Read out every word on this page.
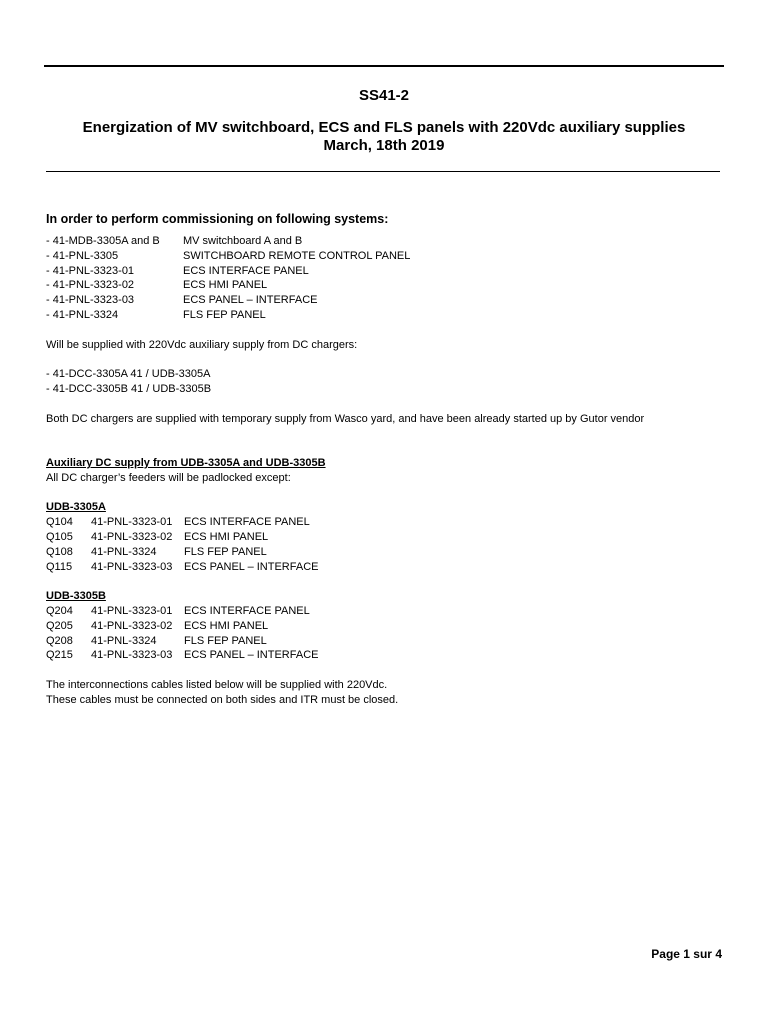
SS41-2
Energization of MV switchboard, ECS and FLS panels with 220Vdc auxiliary supplies
March, 18th 2019
In order to perform commissioning on following systems:
- 41-MDB-3305A and B	MV switchboard A and B
- 41-PNL-3305	SWITCHBOARD REMOTE CONTROL PANEL
- 41-PNL-3323-01	ECS INTERFACE PANEL
- 41-PNL-3323-02	ECS HMI PANEL
- 41-PNL-3323-03	ECS PANEL – INTERFACE
- 41-PNL-3324	FLS FEP PANEL
Will be supplied with 220Vdc auxiliary supply from DC chargers:
- 41-DCC-3305A 41 / UDB-3305A
- 41-DCC-3305B 41 / UDB-3305B
Both DC chargers are supplied with temporary supply from Wasco yard, and have been already started up by Gutor vendor
Auxiliary DC supply from UDB-3305A and UDB-3305B
All DC charger’s feeders will be padlocked except:
UDB-3305A
Q104	41-PNL-3323-01	ECS INTERFACE PANEL
Q105	41-PNL-3323-02	ECS HMI PANEL
Q108	41-PNL-3324	FLS FEP PANEL
Q115	41-PNL-3323-03	ECS PANEL – INTERFACE
UDB-3305B
Q204	41-PNL-3323-01	ECS INTERFACE PANEL
Q205	41-PNL-3323-02	ECS HMI PANEL
Q208	41-PNL-3324	FLS FEP PANEL
Q215	41-PNL-3323-03	ECS PANEL – INTERFACE
The interconnections cables listed below will be supplied with 220Vdc.
These cables must be connected on both sides and ITR must be closed.
Page 1 sur 4
